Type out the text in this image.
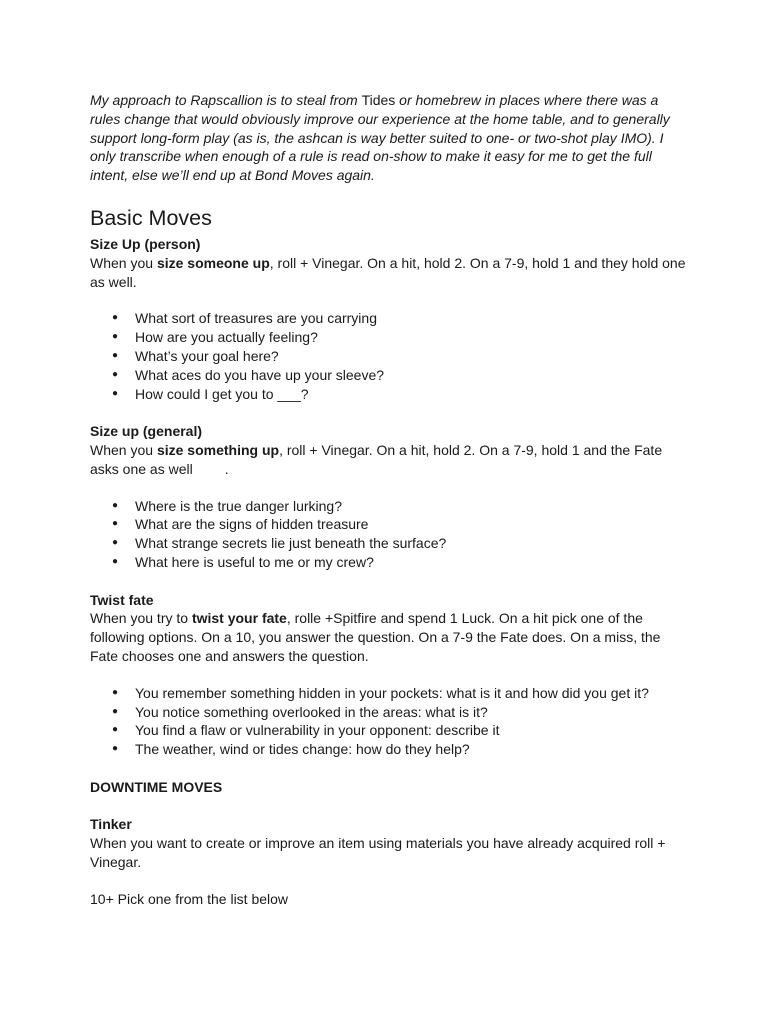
My approach to Rapscallion is to steal from Tides or homebrew in places where there was a rules change that would obviously improve our experience at the home table, and to generally support long-form play (as is, the ashcan is way better suited to one- or two-shot play IMO). I only transcribe when enough of a rule is read on-show to make it easy for me to get the full intent, else we’ll end up at Bond Moves again.

Basic Moves

Size Up (person)

When you size someone up, roll + Vinegar. On a hit, hold 2. On a 7-9, hold 1 and they hold one as well.

● What sort of treasures are you carrying
● How are you actually feeling?
● What’s your goal here?
● What aces do you have up your sleeve?
● How could I get you to ___?

Size up (general)

When you size something up, roll + Vinegar. On a hit, hold 2. On a 7-9, hold 1 and the Fate asks one as well .

● Where is the true danger lurking?
● What are the signs of hidden treasure
● What strange secrets lie just beneath the surface?
● What here is useful to me or my crew?

Twist fate

When you try to twist your fate, rolle +Spitfire and spend 1 Luck. On a hit pick one of the following options. On a 10, you answer the question. On a 7-9 the Fate does. On a miss, the Fate chooses one and answers the question.

● You remember something hidden in your pockets: what is it and how did you get it?
● You notice something overlooked in the areas: what is it?
● You find a flaw or vulnerability in your opponent: describe it
● The weather, wind or tides change: how do they help?

DOWNTIME MOVES

Tinker

When you want to create or improve an item using materials you have already acquired roll + Vinegar.

10+ Pick one from the list below
